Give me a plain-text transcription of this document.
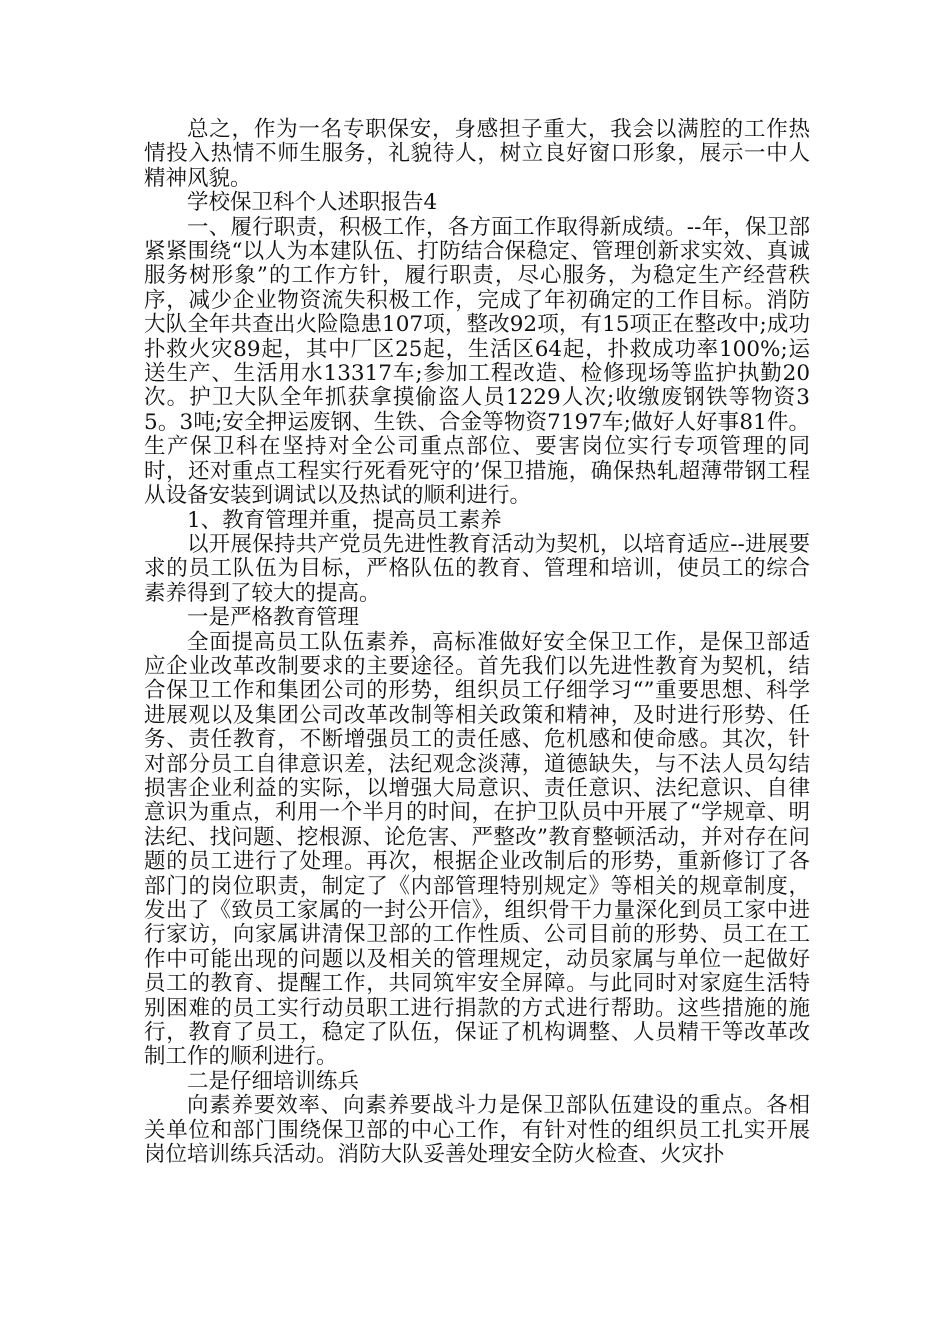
总之，作为一名专职保安，身感担子重大，我会以满腔的工作热情投入热情不师生服务，礼貌待人，树立良好窗口形象，展示一中人精神风貌。

学校保卫科个人述职报告4

一、履行职责，积极工作，各方面工作取得新成绩。--年，保卫部紧紧围绕“以人为本建队伍、打防结合保稳定、管理创新求实效、真诚服务树形象”的工作方针，履行职责，尽心服务，为稳定生产经营秩序，减少企业物资流失积极工作，完成了年初确定的工作目标。消防大队全年共查出火险隐患107项，整改92项，有15项正在整改中;成功扑救火灾89起，其中厂区25起，生活区64起，扑救成功率100%;运送生产、生活用水13317车;参加工程改造、检修现场等监护执勤20次。护卫大队全年抓获拿摸偷盗人员1229人次;收缴废钢铁等物资35。3吨;安全押运废钢、生铁、合金等物资7197车;做好人好事81件。生产保卫科在坚持对全公司重点部位、要害岗位实行专项管理的同时，还对重点工程实行死看死守的’保卫措施，确保热轧超薄带钢工程从设备安装到调试以及热试的顺利进行。

1、教育管理并重，提高员工素养

以开展保持共产党员先进性教育活动为契机，以培育适应--进展要求的员工队伍为目标，严格队伍的教育、管理和培训，使员工的综合素养得到了较大的提高。

一是严格教育管理

全面提高员工队伍素养，高标准做好安全保卫工作，是保卫部适应企业改革改制要求的主要途径。首先我们以先进性教育为契机，结合保卫工作和集团公司的形势，组织员工仔细学习“”重要思想、科学进展观以及集团公司改革改制等相关政策和精神，及时进行形势、任务、责任教育，不断增强员工的责任感、危机感和使命感。其次，针对部分员工自律意识差，法纪观念淡薄，道德缺失，与不法人员勾结损害企业利益的实际，以增强大局意识、责任意识、法纪意识、自律意识为重点，利用一个半月的时间，在护卫队员中开展了“学规章、明法纪、找问题、挖根源、论危害、严整改”教育整顿活动，并对存在问题的员工进行了处理。再次，根据企业改制后的形势，重新修订了各部门的岗位职责，制定了《内部管理特别规定》等相关的规章制度，发出了《致员工家属的一封公开信》，组织骨干力量深化到员工家中进行家访，向家属讲清保卫部的工作性质、公司目前的形势、员工在工作中可能出现的问题以及相关的管理规定，动员家属与单位一起做好员工的教育、提醒工作，共同筑牢安全屏障。与此同时对家庭生活特别困难的员工实行动员职工进行捐款的方式进行帮助。这些措施的施行，教育了员工，稳定了队伍，保证了机构调整、人员精干等改革改制工作的顺利进行。

二是仔细培训练兵

向素养要效率、向素养要战斗力是保卫部队伍建设的重点。各相关单位和部门围绕保卫部的中心工作，有针对性的组织员工扎实开展岗位培训练兵活动。消防大队妥善处理安全防火检查、火灾扑
